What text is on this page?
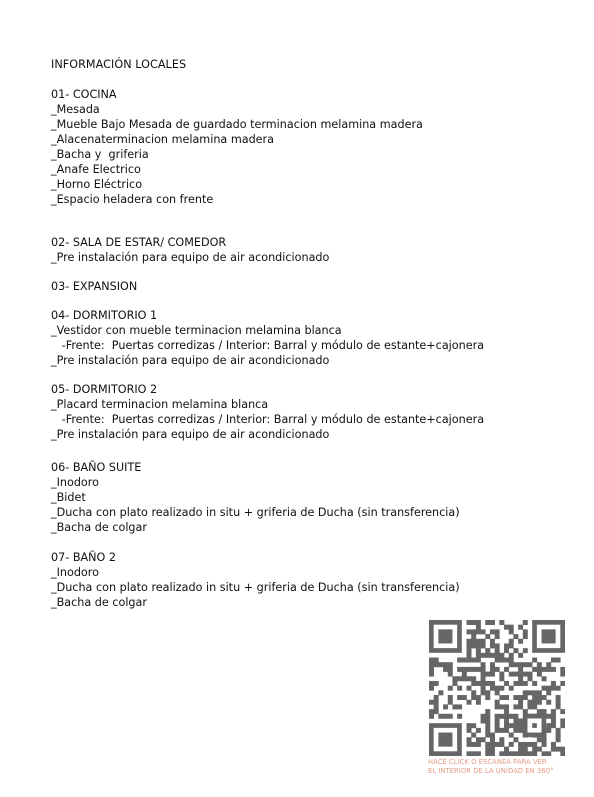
INFORMACIÓN LOCALES
01- COCINA
_Mesada
_Mueble Bajo Mesada de guardado terminacion melamina madera
_Alacenaterminacion melamina madera
_Bacha y  griferia
_Anafe Electrico
_Horno Eléctrico
_Espacio heladera con frente
02- SALA DE ESTAR/ COMEDOR
_Pre instalación para equipo de air acondicionado
03- EXPANSION
04- DORMITORIO 1
_Vestidor con mueble terminacion melamina blanca
-Frente:  Puertas corredizas / Interior: Barral y módulo de estante+cajonera
_Pre instalación para equipo de air acondicionado
05- DORMITORIO 2
_Placard terminacion melamina blanca
-Frente:  Puertas corredizas / Interior: Barral y módulo de estante+cajonera
_Pre instalación para equipo de air acondicionado
06- BAÑO SUITE
_Inodoro
_Bidet
_Ducha con plato realizado in situ + griferia de Ducha (sin transferencia)
_Bacha de colgar
07- BAÑO 2
_Inodoro
_Ducha con plato realizado in situ + griferia de Ducha (sin transferencia)
_Bacha de colgar
HACÉ CLICK O ESCANEÁ PARA VER
EL INTERIOR DE LA UNIDAD EN 360°
